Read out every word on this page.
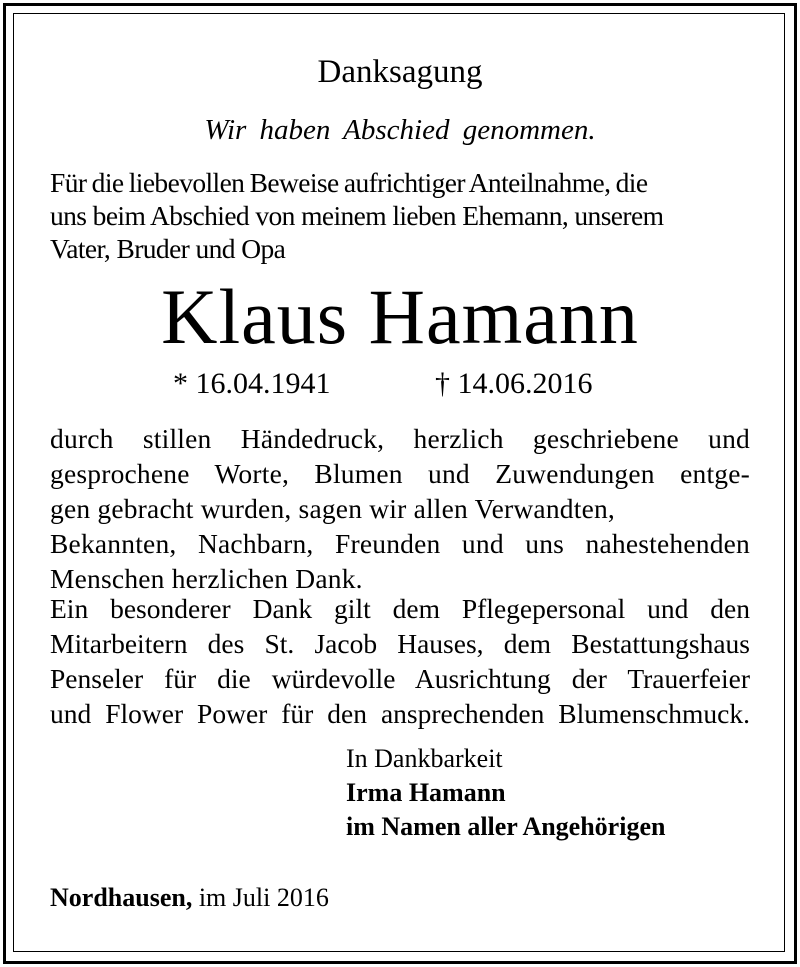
Danksagung
Wir haben Abschied genommen.
Für die liebevollen Beweise aufrichtiger Anteilnahme, die
uns beim Abschied von meinem lieben Ehemann, unserem
Vater, Bruder und Opa
Klaus Hamann
* 16.04.1941	† 14.06.2016
durch stillen Händedruck, herzlich geschriebene und
gesprochene Worte, Blumen und Zuwendungen entge-
gen gebracht wurden, sagen wir allen Verwandten,
Bekannten, Nachbarn, Freunden und uns nahestehenden
Menschen herzlichen Dank.
Ein besonderer Dank gilt dem Pflegepersonal und den
Mitarbeitern des St. Jacob Hauses, dem Bestattungshaus
Penseler für die würdevolle Ausrichtung der Trauerfeier
und Flower Power für den ansprechenden Blumenschmuck.
In Dankbarkeit
Irma Hamann
im Namen aller Angehörigen
Nordhausen, im Juli 2016
